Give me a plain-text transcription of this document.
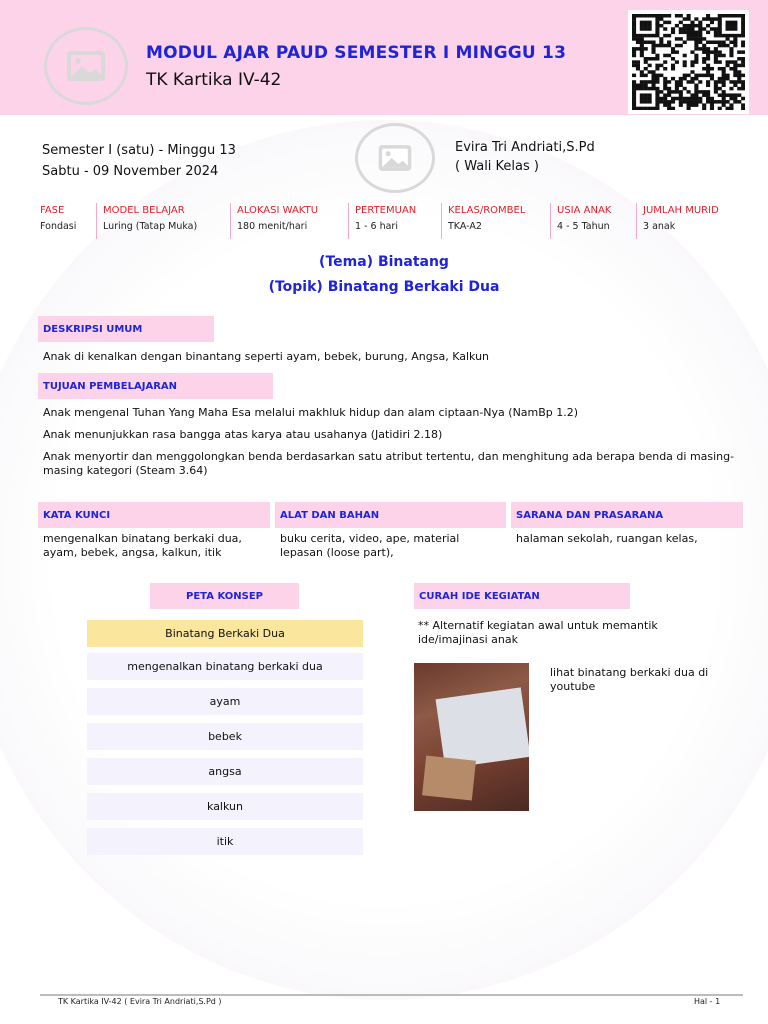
MODUL AJAR PAUD SEMESTER I MINGGU 13
TK Kartika IV-42
Semester I (satu) - Minggu 13
Sabtu - 09 November 2024
Evira Tri Andriati,S.Pd
( Wali Kelas )
FASE
Fondasi
MODEL BELAJAR
Luring (Tatap Muka)
ALOKASI WAKTU
180 menit/hari
PERTEMUAN
1 - 6 hari
KELAS/ROMBEL
TKA-A2
USIA ANAK
4 - 5 Tahun
JUMLAH MURID
3 anak
(Tema) Binatang
(Topik) Binatang Berkaki Dua
DESKRIPSI UMUM
Anak di kenalkan dengan binantang seperti ayam, bebek, burung, Angsa, Kalkun
TUJUAN PEMBELAJARAN
Anak mengenal Tuhan Yang Maha Esa melalui makhluk hidup dan alam ciptaan-Nya (NamBp 1.2)
Anak menunjukkan rasa bangga atas karya atau usahanya (Jatidiri 2.18)
Anak menyortir dan menggolongkan benda berdasarkan satu atribut tertentu, dan menghitung ada berapa benda di masing-masing kategori (Steam 3.64)
KATA KUNCI
mengenalkan binatang berkaki dua, ayam, bebek, angsa, kalkun, itik
ALAT DAN BAHAN
buku cerita, video, ape, material lepasan (loose part),
SARANA DAN PRASARANA
halaman sekolah, ruangan kelas,
PETA KONSEP
Binatang Berkaki Dua
mengenalkan binatang berkaki dua
ayam
bebek
angsa
kalkun
itik
CURAH IDE KEGIATAN
** Alternatif kegiatan awal untuk memantik ide/imajinasi anak
lihat binatang berkaki dua di youtube
TK Kartika IV-42 ( Evira Tri Andriati,S.Pd )	Hal - 1
